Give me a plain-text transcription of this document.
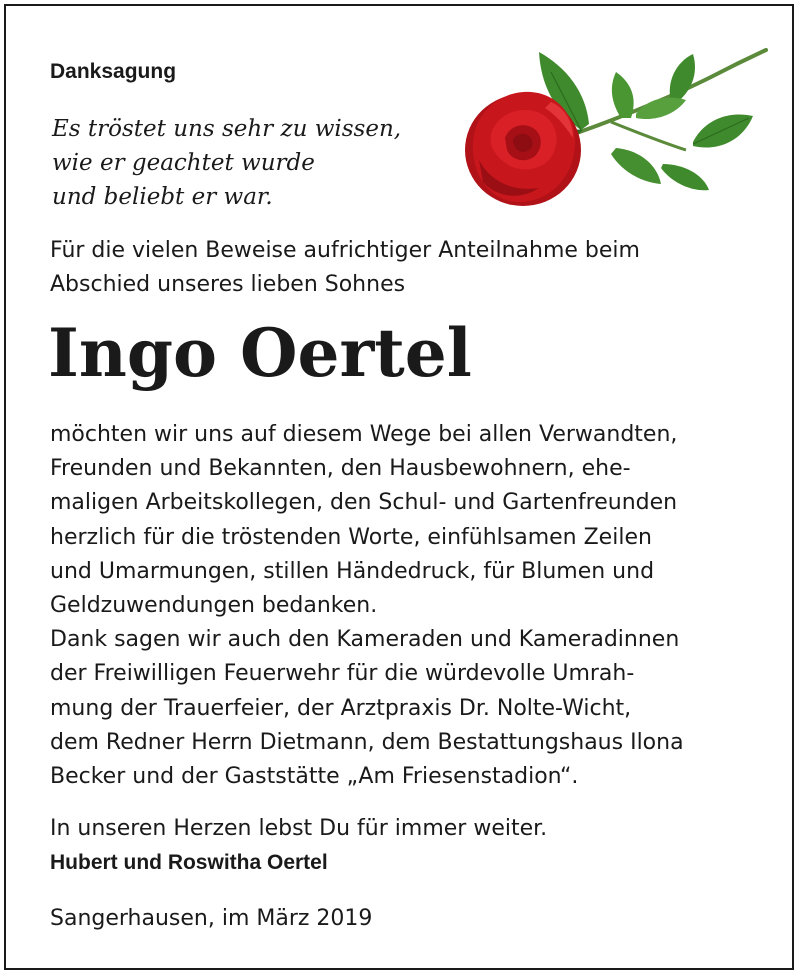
Danksagung

Es tröstet uns sehr zu wissen,
wie er geachtet wurde
und beliebt er war.

Für die vielen Beweise aufrichtiger Anteilnahme beim
Abschied unseres lieben Sohnes

Ingo Oertel

möchten wir uns auf diesem Wege bei allen Verwandten,
Freunden und Bekannten, den Hausbewohnern, ehe-
maligen Arbeitskollegen, den Schul- und Gartenfreunden
herzlich für die tröstenden Worte, einfühlsamen Zeilen
und Umarmungen, stillen Händedruck, für Blumen und
Geldzuwendungen bedanken.
Dank sagen wir auch den Kameraden und Kameradinnen
der Freiwilligen Feuerwehr für die würdevolle Umrah-
mung der Trauerfeier, der Arztpraxis Dr. Nolte-Wicht,
dem Redner Herrn Dietmann, dem Bestattungshaus Ilona
Becker und der Gaststätte „Am Friesenstadion“.

In unseren Herzen lebst Du für immer weiter.

Hubert und Roswitha Oertel

Sangerhausen, im März 2019
